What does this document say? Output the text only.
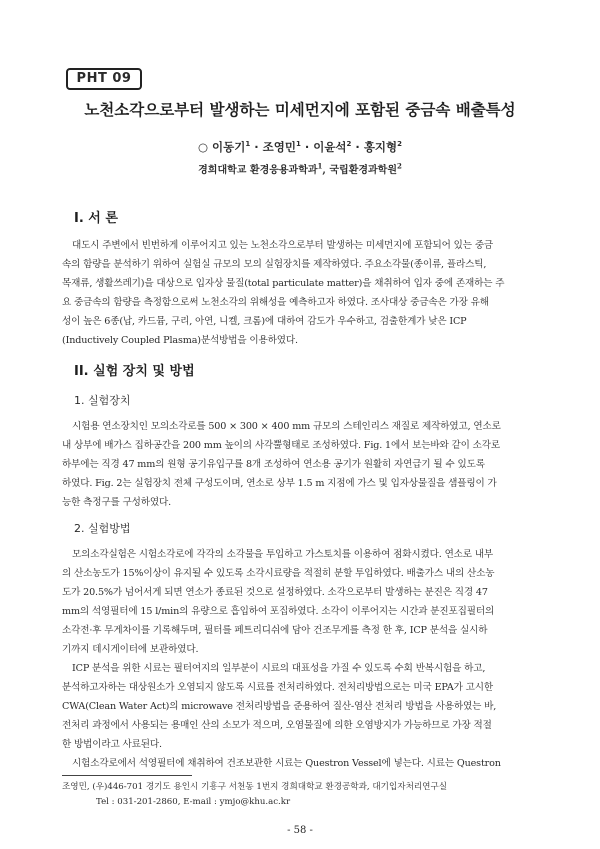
PHT 09
노천소각으로부터 발생하는 미세먼지에 포함된 중금속 배출특성
○ 이동기$^1$ · 조영민$^1$ · 이윤석$^2$ · 홍지형$^2$
경희대학교 환경응용과학과$^1$, 국립환경과학원$^2$
I. 서 론
대도시 주변에서 빈번하게 이루어지고 있는 노천소각으로부터 발생하는 미세먼지에 포함되어 있는 중금
속의 함량을 분석하기 위하여 실험실 규모의 모의 실험장치를 제작하였다. 주요소각물(종이류, 플라스틱,
목재류, 생활쓰레기)을 대상으로 입자상 물질(total particulate matter)을 채취하여 입자 중에 존재하는 주
요 중금속의 함량을 측정함으로써 노천소각의 위해성을 예측하고자 하였다. 조사대상 중금속은 가장 유해
성이 높은 6종(납, 카드뮴, 구리, 아연, 니켈, 크롬)에 대하여 감도가 우수하고, 검출한계가 낮은 ICP
(Inductively Coupled Plasma)분석방법을 이용하였다.
II. 실험 장치 및 방법
1. 실험장치
시험용 연소장치인 모의소각로를 500 × 300 × 400 mm 규모의 스테인리스 재질로 제작하였고, 연소로
내 상부에 배가스 집하공간을 200 mm 높이의 사각뿔형태로 조성하였다. Fig. 1에서 보는바와 같이 소각로
하부에는 직경 47 mm의 원형 공기유입구를 8개 조성하여 연소용 공기가 원활히 자연급기 될 수 있도록
하였다. Fig. 2는 실험장치 전체 구성도이며, 연소로 상부 1.5 m 지점에 가스 및 입자상물질을 샘플링이 가
능한 측정구를 구성하였다.
2. 실험방법
모의소각실험은 시험소각로에 각각의 소각물을 투입하고 가스토치를 이용하여 점화시켰다. 연소로 내부
의 산소농도가 15%이상이 유지될 수 있도록 소각시료량을 적절히 분할 투입하였다. 배출가스 내의 산소농
도가 20.5%가 넘어서게 되면 연소가 종료된 것으로 설정하였다. 소각으로부터 발생하는 분진은 직경 47
mm의 석영필터에 15 l/min의 유량으로 흡입하여 포집하였다. 소각이 이루어지는 시간과 분진포집필터의
소각전·후 무게차이를 기록해두며, 필터를 페트리디쉬에 담아 건조무게를 측정 한 후, ICP 분석을 실시하
기까지 데시게이터에 보관하였다.
ICP 분석을 위한 시료는 필터여지의 일부분이 시료의 대표성을 가질 수 있도록 수회 반복시험을 하고,
분석하고자하는 대상원소가 오염되지 않도록 시료를 전처리하였다. 전처리방법으로는 미국 EPA가 고시한
CWA(Clean Water Act)의 microwave 전처리방법을 준용하여 질산-염산 전처리 방법을 사용하였는 바,
전처리 과정에서 사용되는 용매인 산의 소모가 적으며, 오염물질에 의한 오염방지가 가능하므로 가장 적절
한 방법이라고 사료된다.
시험소각로에서 석영필터에 채취하여 건조보관한 시료는 Questron Vessel에 넣는다. 시료는 Questron
조영민, (우)446-701 경기도 용인시 기흥구 서천동 1번지 경희대학교 환경공학과, 대기입자처리연구실
Tel : 031-201-2860, E-mail : ymjo@khu.ac.kr
- 58 -
